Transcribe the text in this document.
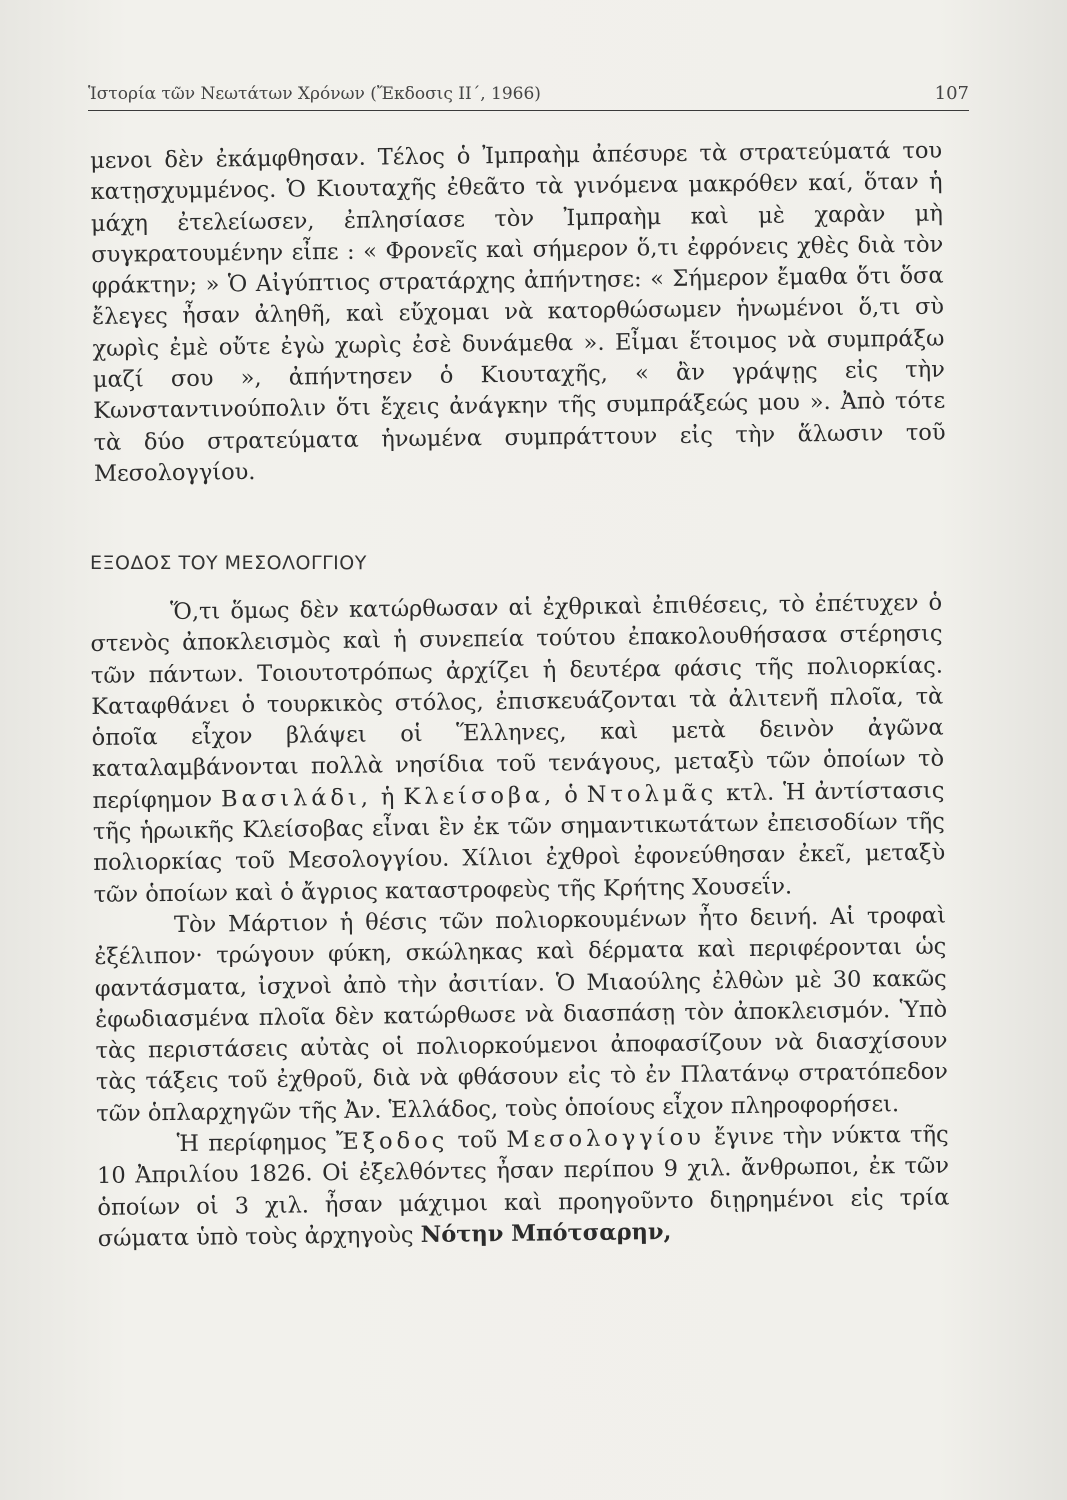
Ἱστορία τῶν Νεωτάτων Χρόνων (Ἔκδοσις ΙΙ΄, 1966)	107

μενοι δὲν ἐκάμφθησαν. Τέλος ὁ Ἰμπραὴμ ἀπέσυρε τὰ στρατεύματά του κατῃσχυμμένος. Ὁ Κιουταχῆς ἐθεᾶτο τὰ γινόμενα μακρόθεν καί, ὅταν ἡ μάχη ἐτελείωσεν, ἐπλησίασε τὸν Ἰμπραὴμ καὶ μὲ χαρὰν μὴ συγκρατουμένην εἶπε : « Φρονεῖς καὶ σήμερον ὅ,τι ἐφρόνεις χθὲς διὰ τὸν φράκτην; » Ὁ Αἰγύπτιος στρατάρχης ἀπήντησε: « Σήμερον ἔμαθα ὅτι ὅσα ἔλεγες ἦσαν ἀληθῆ, καὶ εὔχομαι νὰ κατορθώσωμεν ἡνωμένοι ὅ,τι σὺ χωρὶς ἐμὲ οὔτε ἐγὼ χωρὶς ἐσὲ δυνάμεθα ». Εἶμαι ἕτοιμος νὰ συμπράξω μαζί σου », ἀπήντησεν ὁ Κιουταχῆς, « ἂν γράψῃς εἰς τὴν Κωνσταντινούπολιν ὅτι ἔχεις ἀνάγκην τῆς συμπράξεώς μου ». Ἀπὸ τότε τὰ δύο στρατεύματα ἡνωμένα συμπράττουν εἰς τὴν ἅλωσιν τοῦ Μεσολογγίου.

ΕΞΟΔΟΣ ΤΟΥ ΜΕΣΟΛΟΓΓΙΟΥ

Ὅ,τι ὅμως δὲν κατώρθωσαν αἱ ἐχθρικαὶ ἐπιθέσεις, τὸ ἐπέτυχεν ὁ στενὸς ἀποκλεισμὸς καὶ ἡ συνεπεία τούτου ἐπακολουθήσασα στέρησις τῶν πάντων. Τοιουτοτρόπως ἀρχίζει ἡ δευτέρα φάσις τῆς πολιορκίας. Καταφθάνει ὁ τουρκικὸς στόλος, ἐπισκευάζονται τὰ ἀλιτενῆ πλοῖα, τὰ ὁποῖα εἶχον βλάψει οἱ Ἕλληνες, καὶ μετὰ δεινὸν ἀγῶνα καταλαμβάνονται πολλὰ νησίδια τοῦ τενάγους, μεταξὺ τῶν ὁποίων τὸ περίφημον Βασιλάδι, ἡ Κλείσοβα, ὁ Ντολμᾶς κτλ. Ἡ ἀντίστασις τῆς ἡρωικῆς Κλείσοβας εἶναι ἓν ἐκ τῶν σημαντικωτάτων ἐπεισοδίων τῆς πολιορκίας τοῦ Μεσολογγίου. Χίλιοι ἐχθροὶ ἐφονεύθησαν ἐκεῖ, μεταξὺ τῶν ὁποίων καὶ ὁ ἄγριος καταστροφεὺς τῆς Κρήτης Χουσεΐν.

Τὸν Μάρτιον ἡ θέσις τῶν πολιορκουμένων ἦτο δεινή. Αἱ τροφαὶ ἐξέλιπον· τρώγουν φύκη, σκώληκας καὶ δέρματα καὶ περιφέρονται ὡς φαντάσματα, ἰσχνοὶ ἀπὸ τὴν ἀσιτίαν. Ὁ Μιαούλης ἐλθὼν μὲ 30 κακῶς ἐφωδιασμένα πλοῖα δὲν κατώρθωσε νὰ διασπάσῃ τὸν ἀποκλεισμόν. Ὑπὸ τὰς περιστάσεις αὐτὰς οἱ πολιορκούμενοι ἀποφασίζουν νὰ διασχίσουν τὰς τάξεις τοῦ ἐχθροῦ, διὰ νὰ φθάσουν εἰς τὸ ἐν Πλατάνῳ στρατόπεδον τῶν ὁπλαρχηγῶν τῆς Ἀν. Ἑλλάδος, τοὺς ὁποίους εἶχον πληροφορήσει.

Ἡ περίφημος Ἔξοδος τοῦ Μεσολογγίου ἔγινε τὴν νύκτα τῆς 10 Ἀπριλίου 1826. Οἱ ἐξελθόντες ἦσαν περίπου 9 χιλ. ἄνθρωποι, ἐκ τῶν ὁποίων οἱ 3 χιλ. ἦσαν μάχιμοι καὶ προηγοῦντο διῃρημένοι εἰς τρία σώματα ὑπὸ τοὺς ἀρχηγοὺς Νότην Μπότσαρην,
